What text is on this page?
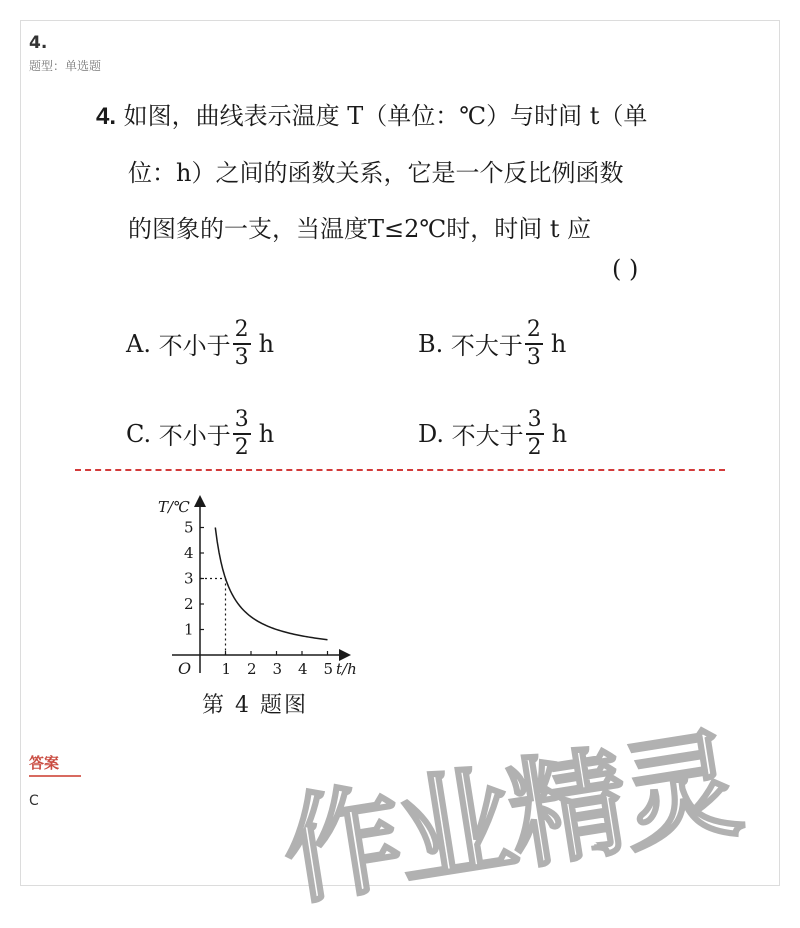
4.
题型：单选题
4. 如图，曲线表示温度 T（单位：℃）与时间 t（单
位：h）之间的函数关系，它是一个反比例函数
的图象的一支，当温度T≤2℃时，时间 t 应
( )
A.
不小于 $\frac{2}{3}$ h	B.
不大于 $\frac{2}{3}$ h
C.
不小于 $\frac{3}{2}$ h	D.
不大于 $\frac{3}{2}$ h
T/℃
t/h
O 1 2 3 4 5
1
2
3
4
5
第 4 题图
答案
C 作业精灵
